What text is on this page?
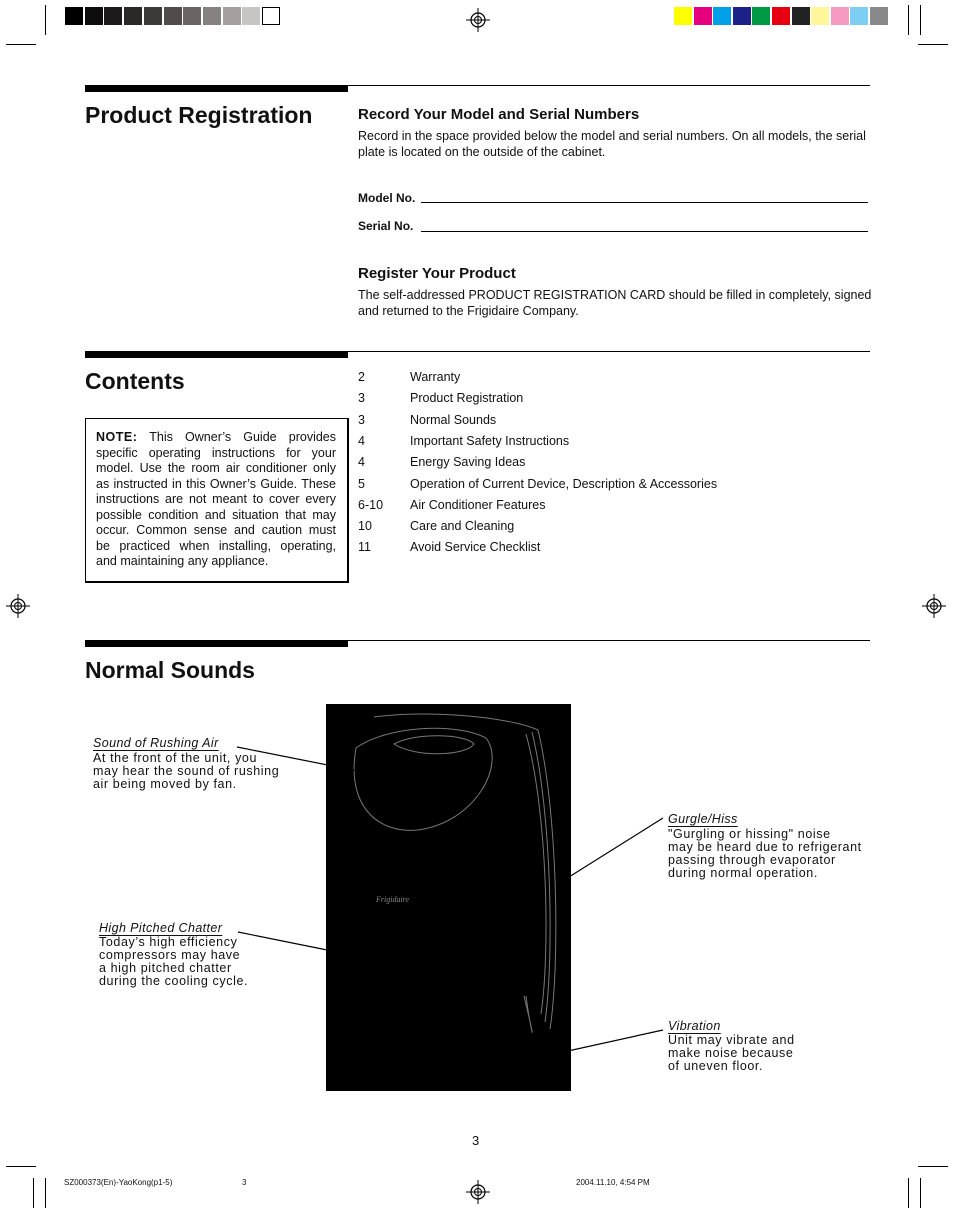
Product Registration	Record Your Model and Serial Numbers

Record in the space provided below the model and serial numbers. On all models, the serial plate is located on the outside of the cabinet.

Model No.
Serial No.
Register Your Product

The self-addressed PRODUCT REGISTRATION CARD should be filled in completely, signed and returned to the Frigidaire Company.

Contents
NOTE: This Owner’s Guide provides specific operating instructions for your model. Use the room air conditioner only as instructed in this Owner’s Guide. These instructions are not meant to cover every possible condition and situation that may occur. Common sense and caution must be practiced when installing, operating, and maintaining any appliance.
2	Warranty
3	Product Registration
3	Normal Sounds
4	Important Safety Instructions
4	Energy Saving Ideas
5	Operation of Current Device, Description & Accessories
6-10 Air Conditioner Features
10	Care and Cleaning
11	Avoid Service Checklist
Normal Sounds
Frigidaire
Sound of Rushing Air
At the front of the unit, you
may hear the sound of rushing
air being moved by fan.
Gurgle/Hiss
"Gurgling or hissing" noise
may be heard due to refrigerant
passing through evaporator
during normal operation.
High Pitched Chatter
Today’s high efficiency
compressors may have
a high pitched chatter
during the cooling cycle.
Vibration
Unit may vibrate and
make noise because
of uneven floor.
3
SZ000373(En)-YaoKong(p1-5)	3	2004.11.10, 4:54 PM
